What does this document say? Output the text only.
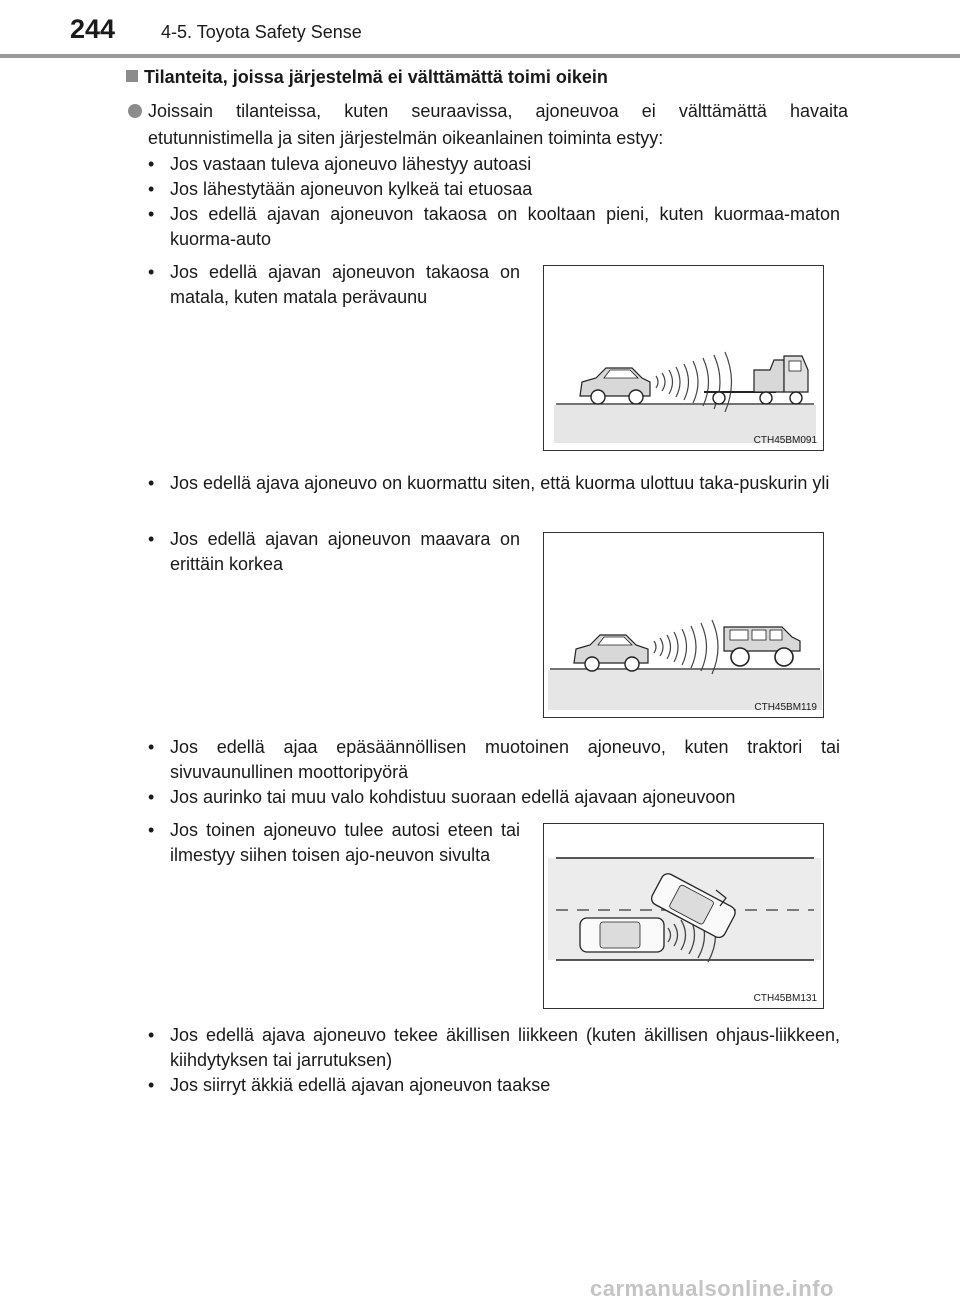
244	4-5. Toyota Safety Sense
Tilanteita, joissa järjestelmä ei välttämättä toimi oikein
Joissain tilanteissa, kuten seuraavissa, ajoneuvoa ei välttämättä havaita etutunnistimella ja siten järjestelmän oikeanlainen toiminta estyy:
• Jos vastaan tuleva ajoneuvo lähestyy autoasi
• Jos lähestytään ajoneuvon kylkeä tai etuosaa
• Jos edellä ajavan ajoneuvon takaosa on kooltaan pieni, kuten kuormaa-maton kuorma-auto
• Jos edellä ajavan ajoneuvon takaosa on matala, kuten matala perävaunu
CTH45BM091
• Jos edellä ajava ajoneuvo on kuormattu siten, että kuorma ulottuu taka-puskurin yli
• Jos edellä ajavan ajoneuvon maavara on erittäin korkea
CTH45BM119
• Jos edellä ajaa epäsäännöllisen muotoinen ajoneuvo, kuten traktori tai sivuvaunullinen moottoripyörä
• Jos aurinko tai muu valo kohdistuu suoraan edellä ajavaan ajoneuvoon
• Jos toinen ajoneuvo tulee autosi eteen tai ilmestyy siihen toisen ajo-neuvon sivulta
CTH45BM131
• Jos edellä ajava ajoneuvo tekee äkillisen liikkeen (kuten äkillisen ohjaus-liikkeen, kiihdytyksen tai jarrutuksen)
• Jos siirryt äkkiä edellä ajavan ajoneuvon taakse
carmanualsonline.info
